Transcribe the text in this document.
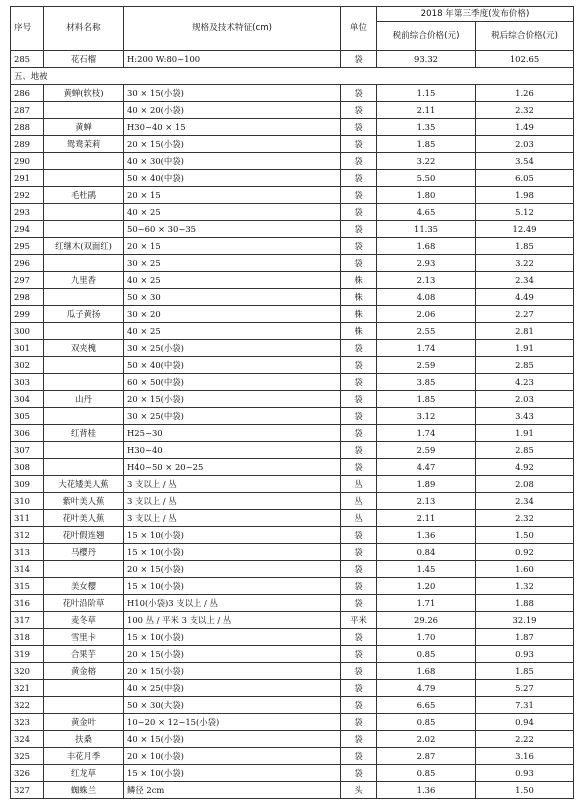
序号	材料名称	规格及技术特征(cm)	单位	2018 年第三季度(发布价格)	
				税前综合价格(元)	税后综合价格(元)
285	花石榴	H:200 W:80~100	袋	93.32	102.65
五、地被					
286	黄蝉(软枝)	30 × 15(小袋)	袋	1.15	1.26
287		40 × 20(小袋)	袋	2.11	2.32
288	黄蝉	H30~40 × 15	袋	1.35	1.49
289	鸳鸯茉莉	20 × 15(小袋)	袋	1.85	2.03
290		40 × 30(中袋)	袋	3.22	3.54
291		50 × 40(中袋)	袋	5.50	6.05
292	毛杜鹃	20 × 15	袋	1.80	1.98
293		40 × 25	袋	4.65	5.12
294		50~60 × 30~35	袋	11.35	12.49
295	红继木(双面红)	20 × 15	袋	1.68	1.85
296		30 × 25	袋	2.93	3.22
297	九里香	40 × 25	株	2.13	2.34
298		50 × 30	株	4.08	4.49
299	瓜子黄扬	30 × 20	株	2.06	2.27
300		40 × 25	株	2.55	2.81
301	双夹槐	30 × 25(小袋)	袋	1.74	1.91
302		50 × 40(中袋)	袋	2.59	2.85
303		60 × 50(中袋)	袋	3.85	4.23
304	山丹	20 × 15(小袋)	袋	1.85	2.03
305		30 × 25(中袋)	袋	3.12	3.43
306	红背桂	H25~30	袋	1.74	1.91
307		H30~40	袋	2.59	2.85
308		H40~50 × 20~25	袋	4.47	4.92
309	大花矮美人蕉	3 支以上 / 丛	丛	1.89	2.08
310	紫叶美人蕉	3 支以上 / 丛	丛	2.13	2.34
311	花叶美人蕉	3 支以上 / 丛	丛	2.11	2.32
312	花叶假连翘	15 × 10(小袋)	袋	1.36	1.50
313	马樱丹	15 × 10(小袋)	袋	0.84	0.92
314		20 × 15(小袋)	袋	1.45	1.60
315	美女樱	15 × 10(小袋)	袋	1.20	1.32
316	花叶沿阶草	H10(小袋)3 支以上 / 丛	袋	1.71	1.88
317	麦冬草	100 丛 / 平米 3 支以上 / 丛	平米	29.26	32.19
318	雪里卡	15 × 10(小袋)	袋	1.70	1.87
319	合果芋	20 × 15(小袋)	袋	0.85	0.93
320	黄金榕	20 × 15(小袋)	袋	1.68	1.85
321		40 × 25(中袋)	袋	4.79	5.27
322		50 × 30(大袋)	袋	6.65	7.31
323	黄金叶	10~20 × 12~15(小袋)	袋	0.85	0.94
324	扶桑	40 × 15(小袋)	袋	2.02	2.22
325	丰花月季	20 × 10(小袋)	袋	2.87	3.16
326	红龙草	15 × 10(小袋)	袋	0.85	0.93
327	蜘蛛兰	鳞径 2cm	头	1.36	1.50
